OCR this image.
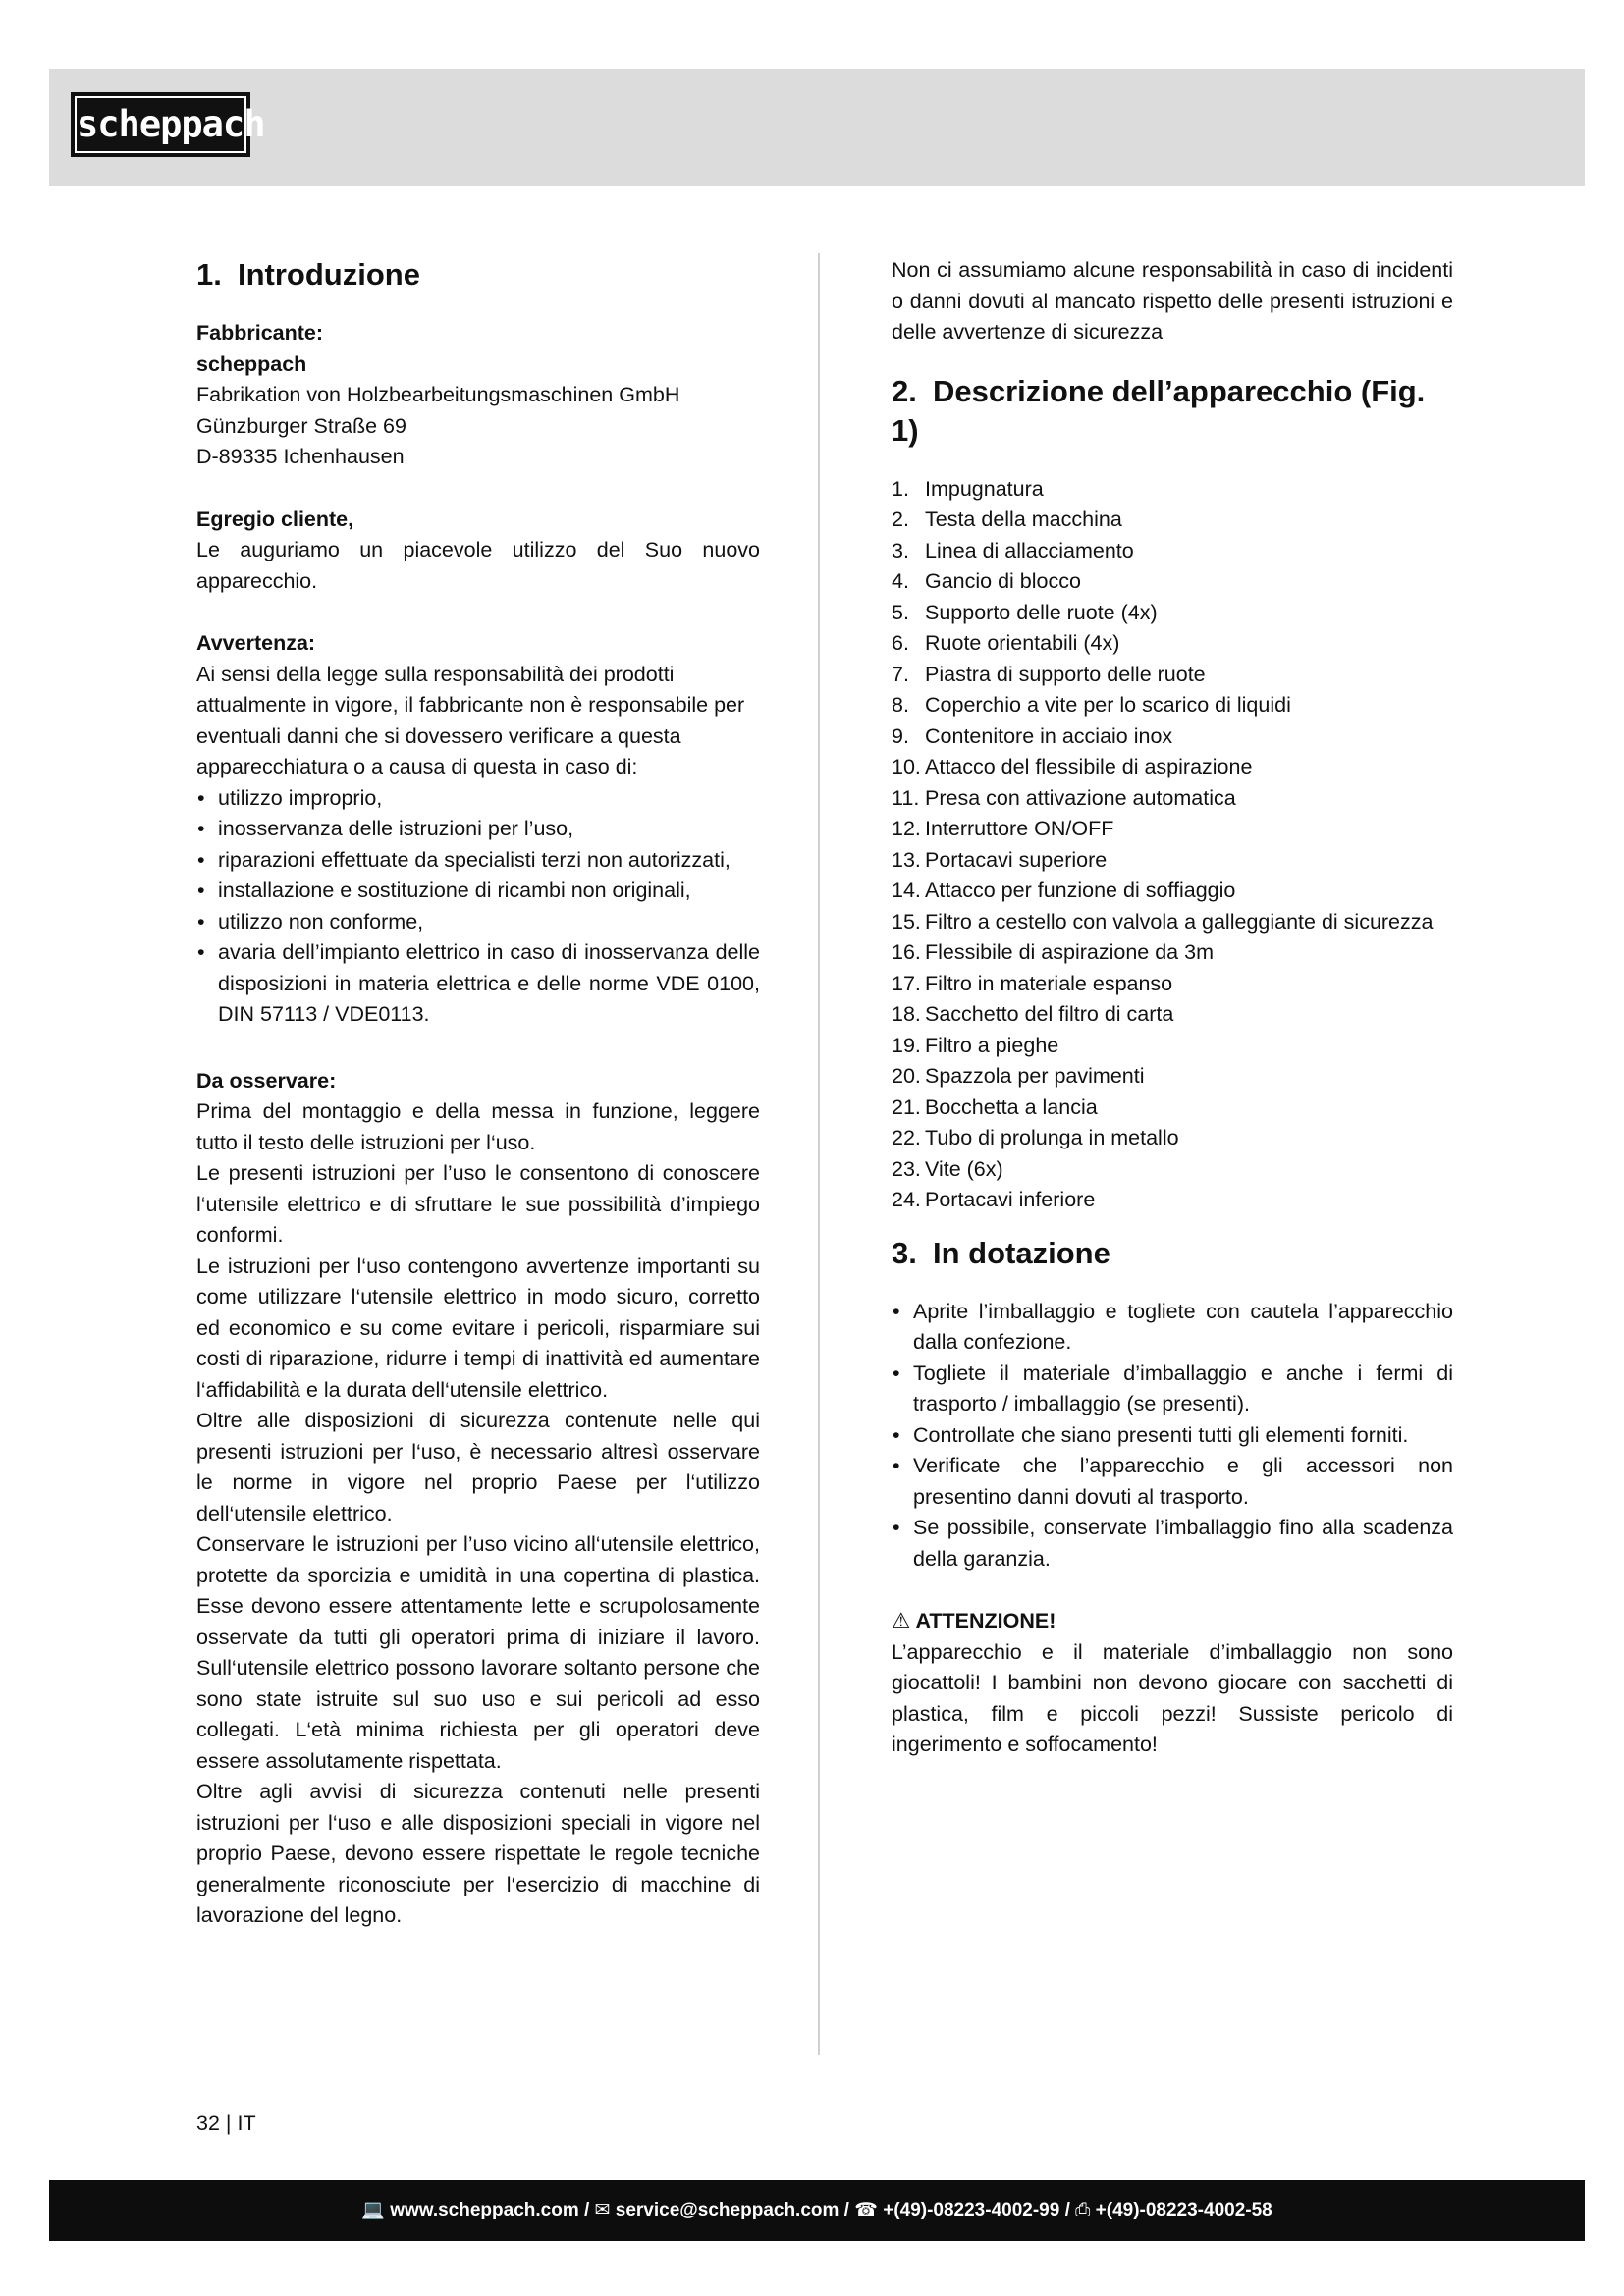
scheppach
1. Introduzione
Fabbricante:
scheppach
Fabrikation von Holzbearbeitungsmaschinen GmbH
Günzburger Straße 69
D-89335 Ichenhausen
Egregio cliente,

Le auguriamo un piacevole utilizzo del Suo nuovo apparecchio.

Avvertenza:

Ai sensi della legge sulla responsabilità dei prodotti attualmente in vigore, il fabbricante non è responsabile per eventuali danni che si dovessero verificare a questa apparecchiatura o a causa di questa in caso di:

• utilizzo improprio,
• inosservanza delle istruzioni per l’uso,
• riparazioni effettuate da specialisti terzi non autorizzati,
• installazione e sostituzione di ricambi non originali,
• utilizzo non conforme,
• avaria dell’impianto elettrico in caso di inosservanza delle disposizioni in materia elettrica e delle norme VDE 0100, DIN 57113 / VDE0113.
Da osservare:

Prima del montaggio e della messa in funzione, leggere tutto il testo delle istruzioni per l‘uso.

Le presenti istruzioni per l’uso le consentono di conoscere l‘utensile elettrico e di sfruttare le sue possibilità d’impiego conformi.

Le istruzioni per l‘uso contengono avvertenze importanti su come utilizzare l‘utensile elettrico in modo sicuro, corretto ed economico e su come evitare i pericoli, risparmiare sui costi di riparazione, ridurre i tempi di inattività ed aumentare l‘affidabilità e la durata dell‘utensile elettrico.

Oltre alle disposizioni di sicurezza contenute nelle qui presenti istruzioni per l‘uso, è necessario altresì osservare le norme in vigore nel proprio Paese per l‘utilizzo dell‘utensile elettrico.

Conservare le istruzioni per l’uso vicino all‘utensile elettrico, protette da sporcizia e umidità in una copertina di plastica. Esse devono essere attentamente lette e scrupolosamente osservate da tutti gli operatori prima di iniziare il lavoro. Sull‘utensile elettrico possono lavorare soltanto persone che sono state istruite sul suo uso e sui pericoli ad esso collegati. L‘età minima richiesta per gli operatori deve essere assolutamente rispettata.

Oltre agli avvisi di sicurezza contenuti nelle presenti istruzioni per l‘uso e alle disposizioni speciali in vigore nel proprio Paese, devono essere rispettate le regole tecniche generalmente riconosciute per l‘esercizio di macchine di lavorazione del legno.

Non ci assumiamo alcune responsabilità in caso di incidenti o danni dovuti al mancato rispetto delle presenti istruzioni e delle avvertenze di sicurezza

2. Descrizione dell’apparecchio (Fig. 1)
1. Impugnatura
2. Testa della macchina
3. Linea di allacciamento
4. Gancio di blocco
5. Supporto delle ruote (4x)
6. Ruote orientabili (4x)
7. Piastra di supporto delle ruote
8. Coperchio a vite per lo scarico di liquidi
9. Contenitore in acciaio inox
10. Attacco del flessibile di aspirazione
11. Presa con attivazione automatica
12. Interruttore ON/OFF
13. Portacavi superiore
14. Attacco per funzione di soffiaggio
15. Filtro a cestello con valvola a galleggiante di sicurezza
16. Flessibile di aspirazione da 3m
17. Filtro in materiale espanso
18. Sacchetto del filtro di carta
19. Filtro a pieghe
20. Spazzola per pavimenti
21. Bocchetta a lancia
22. Tubo di prolunga in metallo
23. Vite (6x)
24. Portacavi inferiore
3. In dotazione
• Aprite l’imballaggio e togliete con cautela l’apparecchio dalla confezione.
• Togliete il materiale d’imballaggio e anche i fermi di trasporto / imballaggio (se presenti).
• Controllate che siano presenti tutti gli elementi forniti.
• Verificate che l’apparecchio e gli accessori non presentino danni dovuti al trasporto.
• Se possibile, conservate l’imballaggio fino alla scadenza della garanzia.
⚠ ATTENZIONE!

L’apparecchio e il materiale d’imballaggio non sono giocattoli! I bambini non devono giocare con sacchetti di plastica, film e piccoli pezzi! Sussiste pericolo di ingerimento e soffocamento!

32 | IT
💻 www.scheppach.com / ✉ service@scheppach.com / ☎ +(49)-08223-4002-99 / ⎙ +(49)-08223-4002-58
